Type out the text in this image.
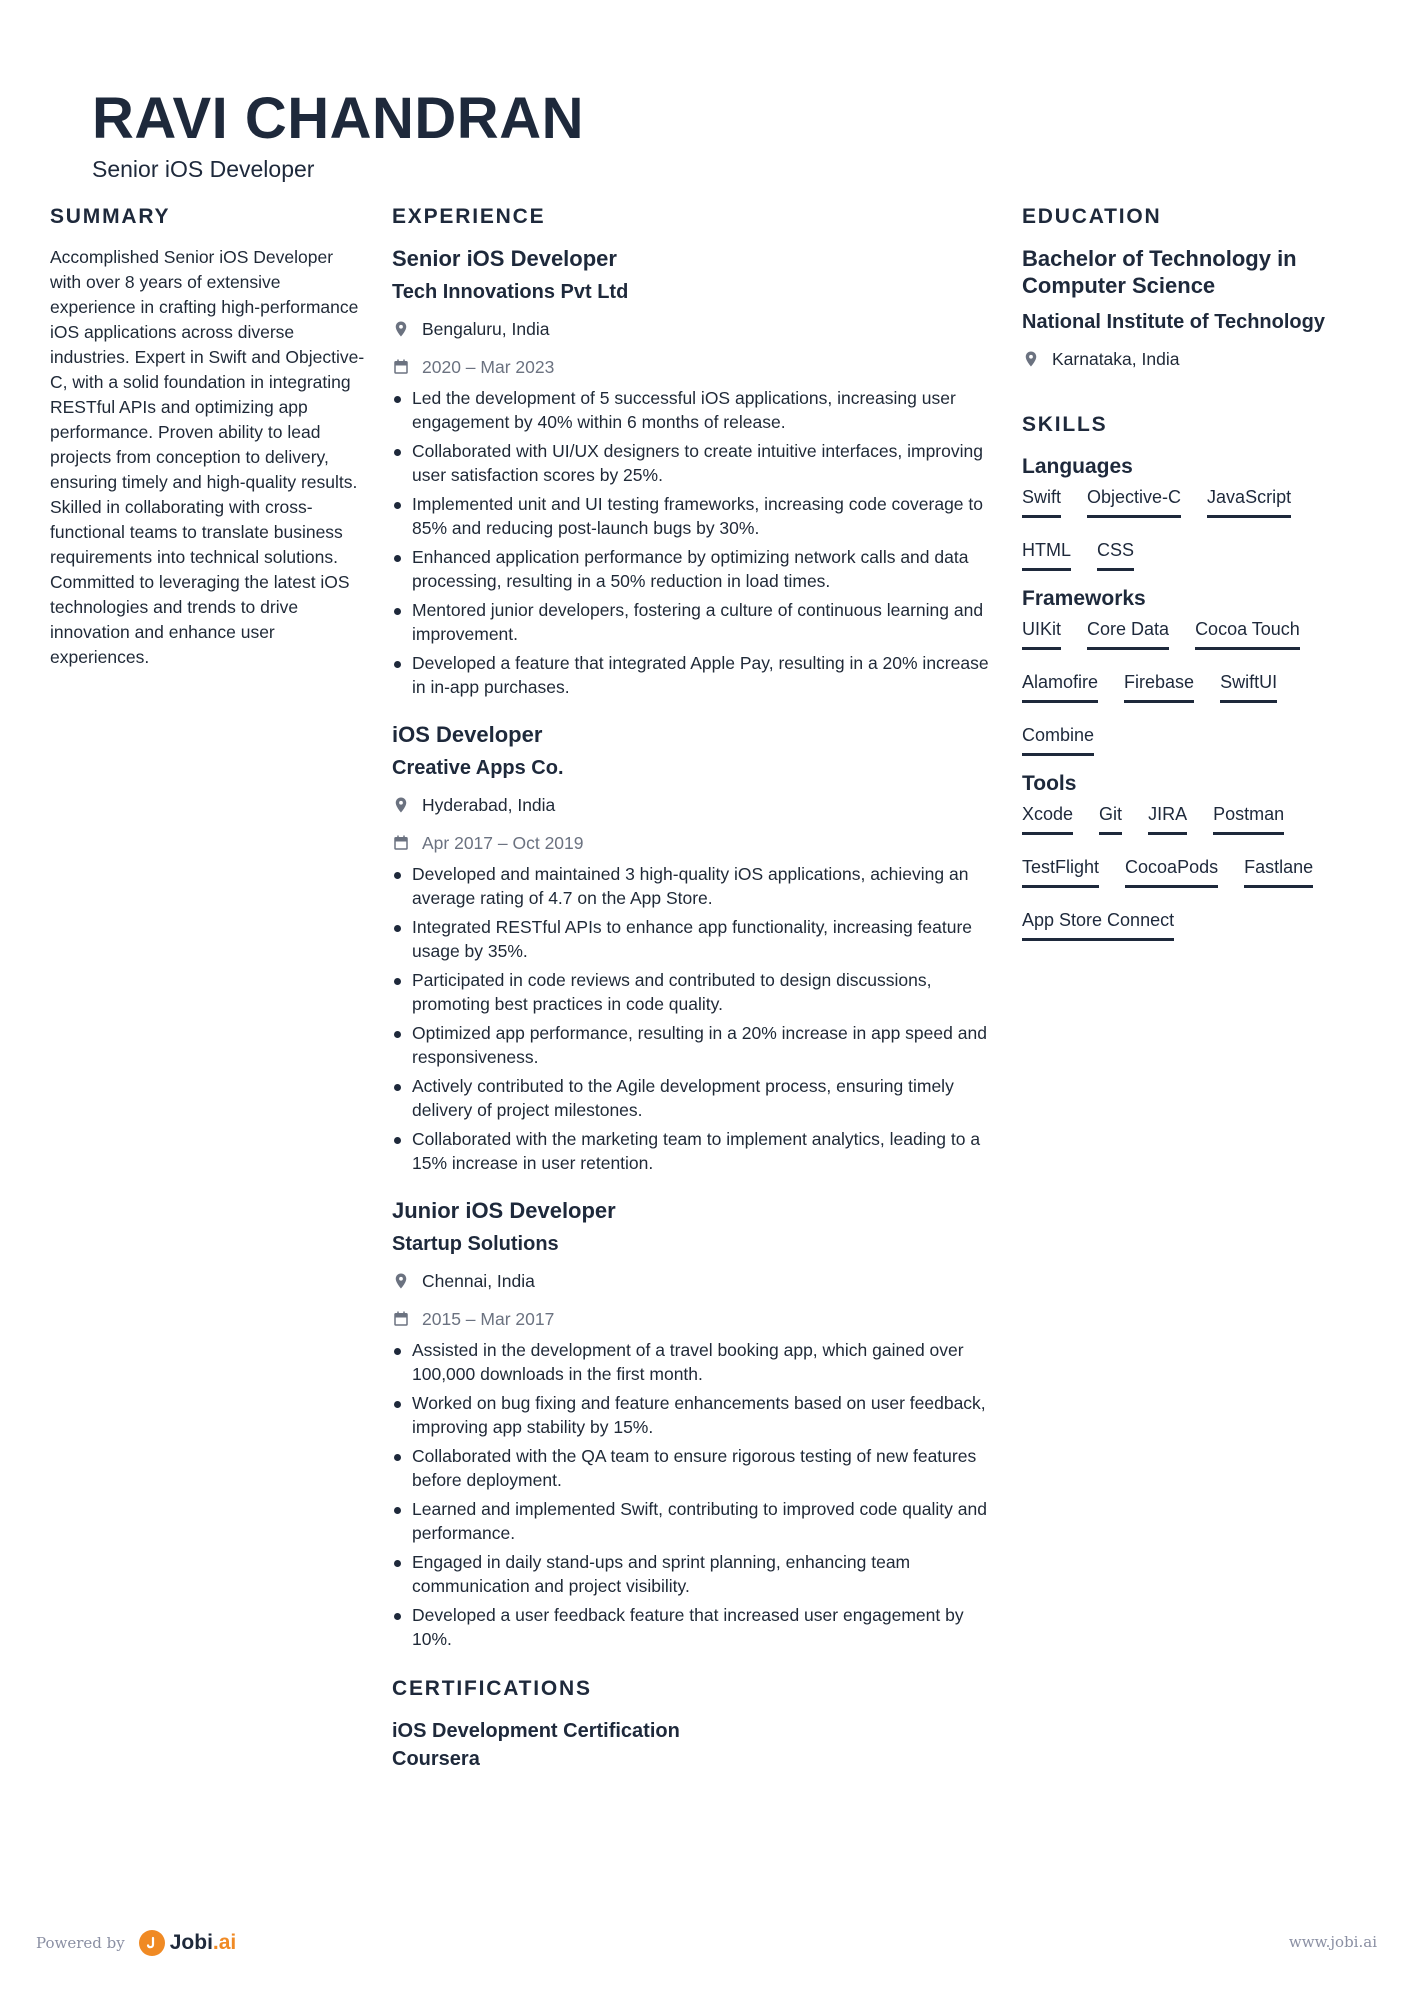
RAVI CHANDRAN
Senior iOS Developer
SUMMARY

Accomplished Senior iOS Developer with over 8 years of extensive experience in crafting high-performance iOS applications across diverse industries. Expert in Swift and Objective-C, with a solid foundation in integrating RESTful APIs and optimizing app performance. Proven ability to lead projects from conception to delivery, ensuring timely and high-quality results. Skilled in collaborating with cross-functional teams to translate business requirements into technical solutions. Committed to leveraging the latest iOS technologies and trends to drive innovation and enhance user experiences.

EXPERIENCE
Senior iOS Developer
Tech Innovations Pvt Ltd
Bengaluru, India
2020 – Mar 2023
Led the development of 5 successful iOS applications, increasing user engagement by 40% within 6 months of release.
Collaborated with UI/UX designers to create intuitive interfaces, improving user satisfaction scores by 25%.
Implemented unit and UI testing frameworks, increasing code coverage to 85% and reducing post-launch bugs by 30%.
Enhanced application performance by optimizing network calls and data processing, resulting in a 50% reduction in load times.
Mentored junior developers, fostering a culture of continuous learning and improvement.
Developed a feature that integrated Apple Pay, resulting in a 20% increase in in-app purchases.
iOS Developer
Creative Apps Co.
Hyderabad, India
Apr 2017 – Oct 2019
Developed and maintained 3 high-quality iOS applications, achieving an average rating of 4.7 on the App Store.
Integrated RESTful APIs to enhance app functionality, increasing feature usage by 35%.
Participated in code reviews and contributed to design discussions, promoting best practices in code quality.
Optimized app performance, resulting in a 20% increase in app speed and responsiveness.
Actively contributed to the Agile development process, ensuring timely delivery of project milestones.
Collaborated with the marketing team to implement analytics, leading to a 15% increase in user retention.
Junior iOS Developer
Startup Solutions
Chennai, India
2015 – Mar 2017
Assisted in the development of a travel booking app, which gained over 100,000 downloads in the first month.
Worked on bug fixing and feature enhancements based on user feedback, improving app stability by 15%.
Collaborated with the QA team to ensure rigorous testing of new features before deployment.
Learned and implemented Swift, contributing to improved code quality and performance.
Engaged in daily stand-ups and sprint planning, enhancing team communication and project visibility.
Developed a user feedback feature that increased user engagement by 10%.
CERTIFICATIONS
iOS Development Certification
Coursera
EDUCATION
Bachelor of Technology in Computer Science
National Institute of Technology
Karnataka, India
SKILLS
Languages
Swift Objective-C JavaScript
HTML CSS
Frameworks
UIKit Core Data Cocoa Touch
Alamofire Firebase SwiftUI
Combine
Tools
Xcode Git JIRA Postman
TestFlight CocoaPods Fastlane
App Store Connect
Powered by Jobi.ai	www.jobi.ai
